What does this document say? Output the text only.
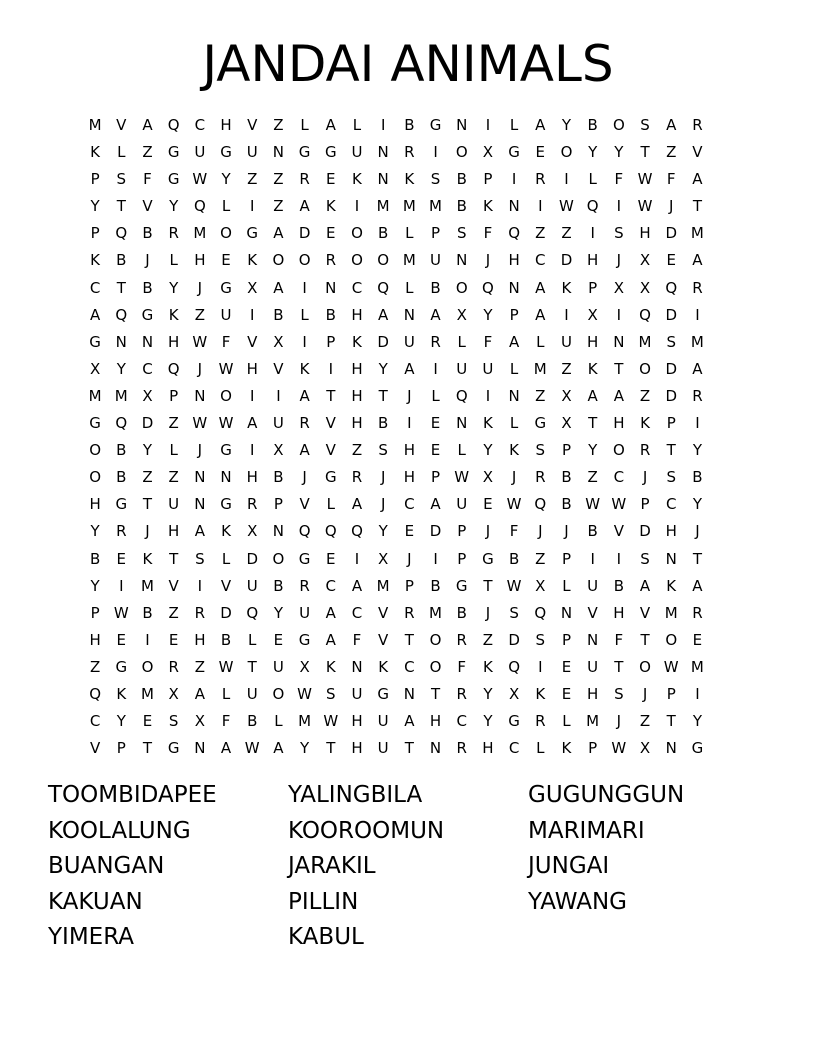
JANDAI ANIMALS
M V	A	Q	C	H	V	Z	L	A	L	I	B	G N	I	L	A	Y	B	O	S	A	R
K	L	Z	G U G U	N G G U	N	R	I	O	X	G	E	O	Y	Y	T	Z	V
P	S	F	G W Y	Z	Z	R	E	K	N	K	S	B	P	I	R	I	L	F W F	A
Y	T	V	Y	Q	L	I	Z	A	K	I	M M M B	K	N	I	W Q	I	W	J	T
P	Q	B	R M O G	A	D	E	O	B	L	P	S	F	Q	Z	Z	I	S	H D M
K	B	J	L	H	E	K	O O	R	O O M U	N	J	H	C	D H	J	X	E	A
C	T	B	Y	J	G	X	A	I	N	C	Q	L	B	O Q N	A	K	P	X	X	Q	R
A	Q G	K	Z	U	I	B	L	B	H	A	N	A	X	Y	P	A	I	X	I	Q D	I
G N N H W F	V	X	I	P	K	D U	R	L	F	A	L	U	H N M S M
X	Y	C	Q	J	W H	V	K	I	H	Y	A	I	U	U	L	M Z	K	T	O D	A
M M X	P	N O	I	I	A	T	H	T	J	L	Q	I	N	Z	X	A	A	Z	D	R
G Q D	Z W W A	U	R	V	H	B	I	E	N	K	L	G	X	T	H	K	P	I
O	B	Y	L	J	G	I	X	A	V	Z	S	H	E	L	Y	K	S	P	Y	O	R	T	Y
O	B	Z	Z	N N H	B	J	G	R	J	H	P W X	J	R	B	Z	C	J	S	B
H G	T	U	N G	R	P	V	L	A	J	C	A	U	E W Q	B W W P	C	Y
Y	R	J	H	A	K	X	N Q Q Q	Y	E	D	P	J	F	J	J	B	V	D H	J
B	E	K	T	S	L	D O G	E	I	X	J	I	P	G	B	Z	P	I	I	S	N	T
Y	I	M V	I	V	U	B	R	C	A M	P	B	G	T W X	L	U	B	A	K	A
P W B	Z	R	D Q	Y	U	A	C	V	R M B	J	S	Q N	V	H	V M R
H	E	I	E	H	B	L	E	G	A	F	V	T	O	R	Z	D	S	P	N	F	T	O	E
Z	G O	R	Z W T	U	X	K	N	K	C	O	F	K	Q	I	E	U	T	O W M
Q	K M X	A	L	U O W S	U G N	T	R	Y	X	K	E	H	S	J	P	I
C	Y	E	S	X	F	B	L	M W H	U	A	H	C	Y	G	R	L	M	J	Z	T	Y
V	P	T	G N	A W A	Y	T	H	U	T	N	R	H	C	L	K	P W X	N G
TOOMBIDAPEE
KOOLALUNG
BUANGAN
KAKUAN
YIMERA
YALINGBILA
KOOROOMUN
JARAKIL
PILLIN
KABUL
GUGUNGGUN
MARIMARI
JUNGAI
YAWANG
